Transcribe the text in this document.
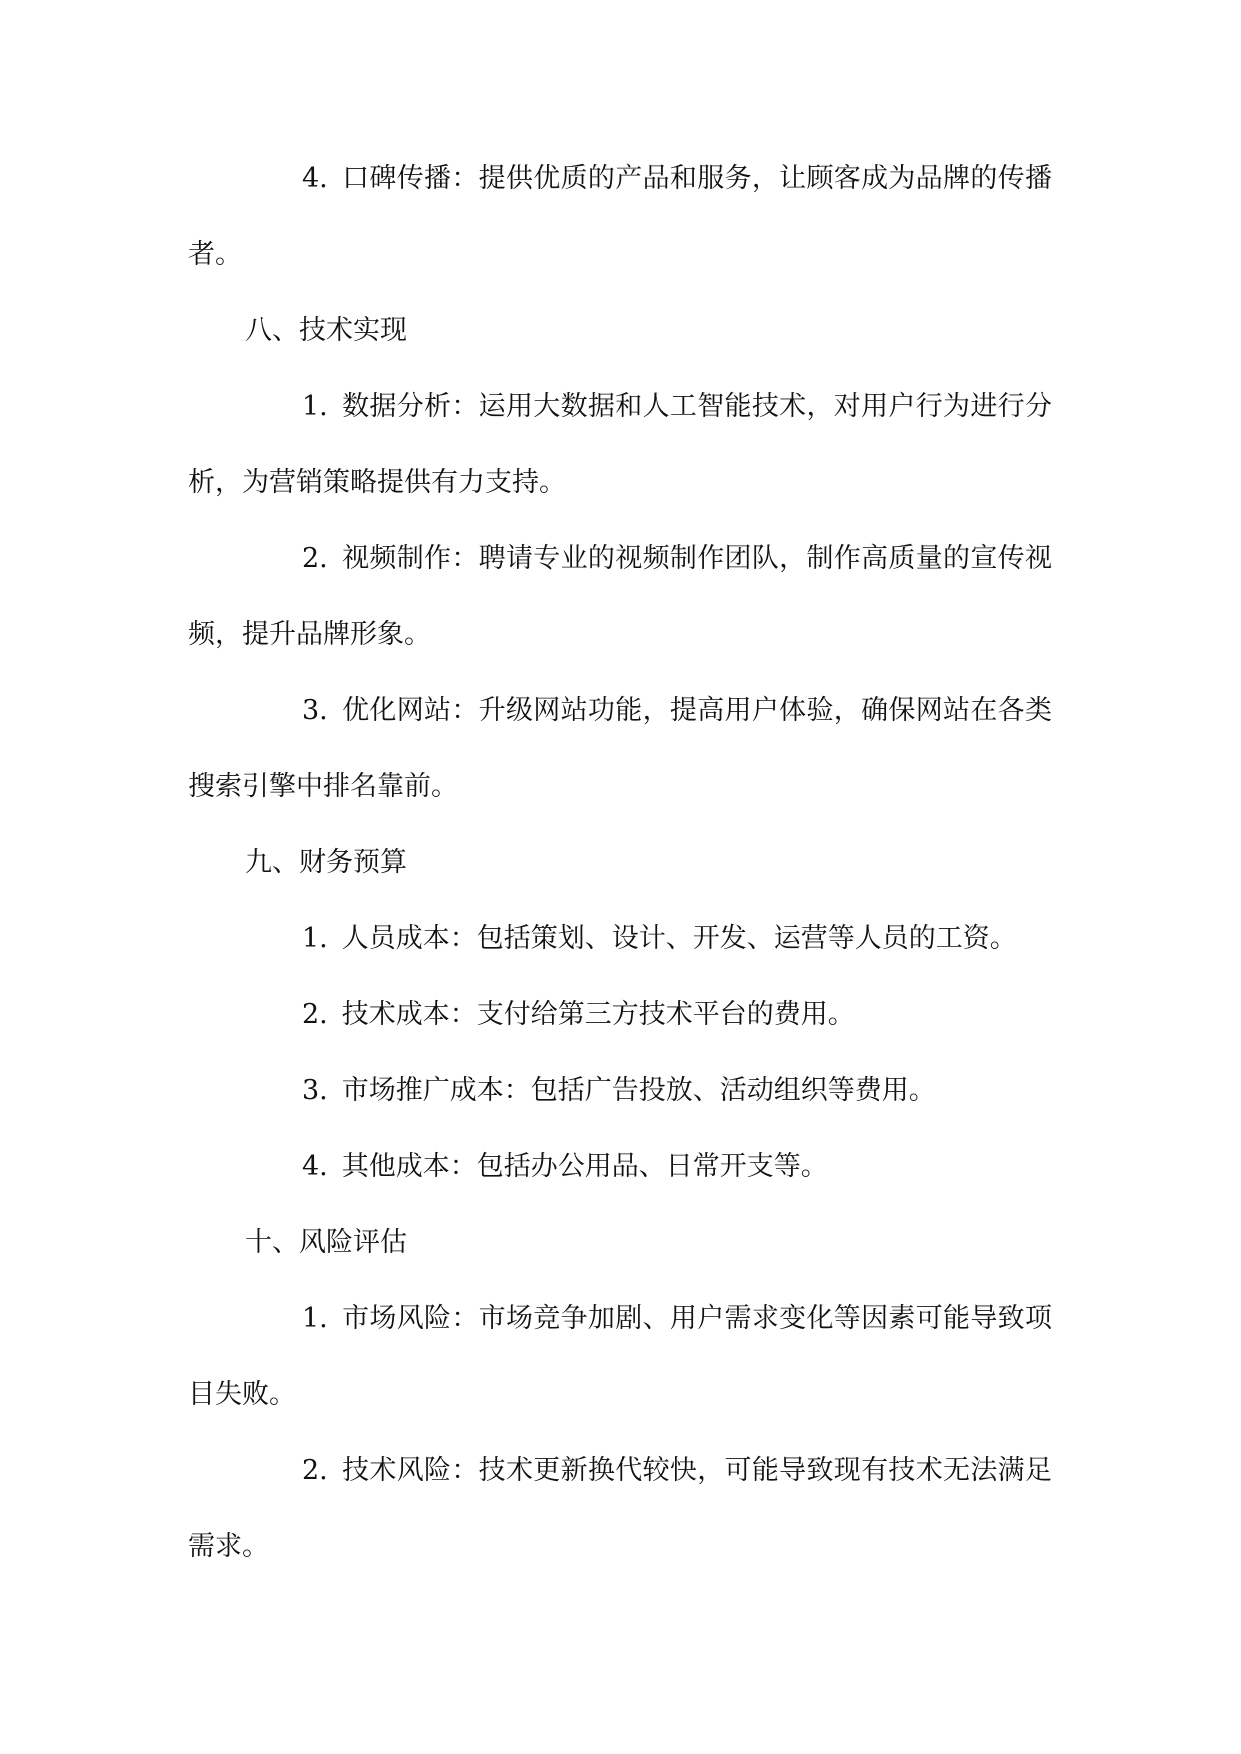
4. 口碑传播：提供优质的产品和服务，让顾客成为品牌的传播者。

八、技术实现

1. 数据分析：运用大数据和人工智能技术，对用户行为进行分析，为营销策略提供有力支持。

2. 视频制作：聘请专业的视频制作团队，制作高质量的宣传视频，提升品牌形象。

3. 优化网站：升级网站功能，提高用户体验，确保网站在各类搜索引擎中排名靠前。

九、财务预算

1. 人员成本：包括策划、设计、开发、运营等人员的工资。

2. 技术成本：支付给第三方技术平台的费用。

3. 市场推广成本：包括广告投放、活动组织等费用。

4. 其他成本：包括办公用品、日常开支等。

十、风险评估

1. 市场风险：市场竞争加剧、用户需求变化等因素可能导致项目失败。

2. 技术风险：技术更新换代较快，可能导致现有技术无法满足需求。
